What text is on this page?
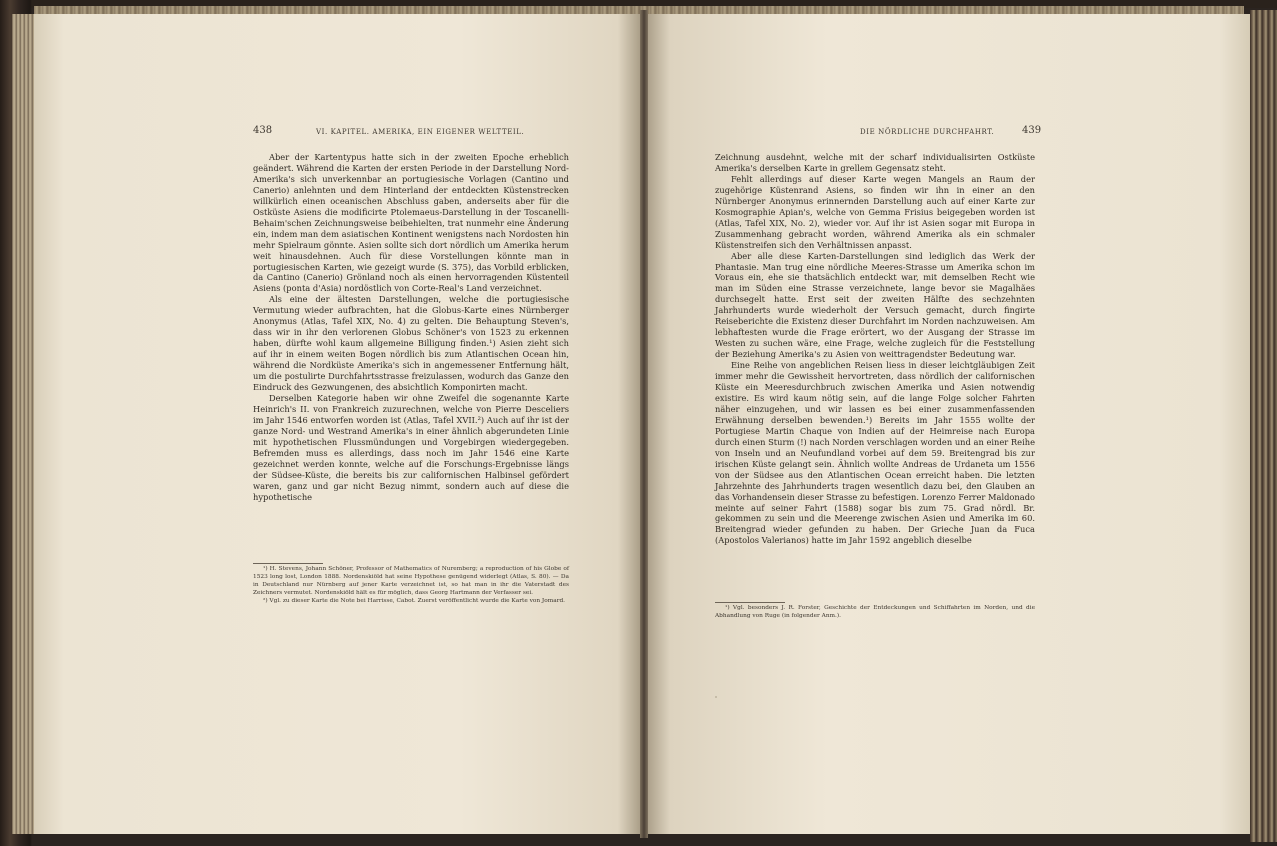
438	VI. KAPITEL. AMERIKA, EIN EIGENER WELTTEIL.

Aber der Kartentypus hatte sich in der zweiten Epoche erheblich geändert. Während die Karten der ersten Periode in der Darstellung Nord-Amerika's sich unverkennbar an portugiesische Vorlagen (Cantino und Canerio) anlehnten und dem Hinterland der entdeckten Küstenstrecken willkürlich einen oceanischen Abschluss gaben, anderseits aber für die Ostküste Asiens die modificirte Ptolemaeus-Darstellung in der Toscanelli-Behaim'schen Zeichnungsweise beibehielten, trat nunmehr eine Änderung ein, indem man dem asiatischen Kontinent wenigstens nach Nordosten hin mehr Spielraum gönnte. Asien sollte sich dort nördlich um Amerika herum weit hinausdehnen. Auch für diese Vorstellungen könnte man in portugiesischen Karten, wie gezeigt wurde (S. 375), das Vorbild erblicken, da Cantino (Canerio) Grönland noch als einen hervorragenden Küstenteil Asiens (ponta d'Asia) nordöstlich von Corte-Real's Land verzeichnet.

Als eine der ältesten Darstellungen, welche die portugiesische Vermutung wieder aufbrachten, hat die Globus-Karte eines Nürnberger Anonymus (Atlas, Tafel XIX, No. 4) zu gelten. Die Behauptung Steven's, dass wir in ihr den verlorenen Globus Schöner's von 1523 zu erkennen haben, dürfte wohl kaum allgemeine Billigung finden.¹) Asien zieht sich auf ihr in einem weiten Bogen nördlich bis zum Atlantischen Ocean hin, während die Nordküste Amerika's sich in angemessener Entfernung hält, um die postulirte Durchfahrtsstrasse freizulassen, wodurch das Ganze den Eindruck des Gezwungenen, des absichtlich Komponirten macht.

Derselben Kategorie haben wir ohne Zweifel die sogenannte Karte Heinrich's II. von Frankreich zuzurechnen, welche von Pierre Desceliers im Jahr 1546 entworfen worden ist (Atlas, Tafel XVII.²) Auch auf ihr ist der ganze Nord- und Westrand Amerika's in einer ähnlich abgerundeten Linie mit hypothetischen Flussmündungen und Vorgebirgen wiedergegeben. Befremden muss es allerdings, dass noch im Jahr 1546 eine Karte gezeichnet werden konnte, welche auf die Forschungs-Ergebnisse längs der Südsee-Küste, die bereits bis zur californischen Halbinsel gefördert waren, ganz und gar nicht Bezug nimmt, sondern auch auf diese die hypothetische

¹) H. Stevens, Johann Schöner, Professor of Mathematics of Nuremberg; a reproduction of his Globe of 1523 long lost, London 1888. Nordenskiöld hat seine Hypothese genügend widerlegt (Atlas, S. 80). — Da in Deutschland nur Nürnberg auf jener Karte verzeichnet ist, so hat man in ihr die Vaterstadt des Zeichners vermutet. Nordenskiöld hält es für möglich, dass Georg Hartmann der Verfasser sei.

²) Vgl. zu dieser Karte die Note bei Harrisse, Cabot. Zuerst veröffentlicht wurde die Karte von Jomard.

DIE NÖRDLICHE DURCHFAHRT.	439

Zeichnung ausdehnt, welche mit der scharf individualisirten Ostküste Amerika's derselben Karte in grellem Gegensatz steht.

Fehlt allerdings auf dieser Karte wegen Mangels an Raum der zugehörige Küstenrand Asiens, so finden wir ihn in einer an den Nürnberger Anonymus erinnernden Darstellung auch auf einer Karte zur Kosmographie Apian's, welche von Gemma Frisius beigegeben worden ist (Atlas, Tafel XIX, No. 2), wieder vor. Auf ihr ist Asien sogar mit Europa in Zusammenhang gebracht worden, während Amerika als ein schmaler Küstenstreifen sich den Verhältnissen anpasst.

Aber alle diese Karten-Darstellungen sind lediglich das Werk der Phantasie. Man trug eine nördliche Meeres-Strasse um Amerika schon im Voraus ein, ehe sie thatsächlich entdeckt war, mit demselben Recht wie man im Süden eine Strasse verzeichnete, lange bevor sie Magalhães durchsegelt hatte. Erst seit der zweiten Hälfte des sechzehnten Jahrhunderts wurde wiederholt der Versuch gemacht, durch fingirte Reiseberichte die Existenz dieser Durchfahrt im Norden nachzuweisen. Am lebhaftesten wurde die Frage erörtert, wo der Ausgang der Strasse im Westen zu suchen wäre, eine Frage, welche zugleich für die Feststellung der Beziehung Amerika's zu Asien von weittragendster Bedeutung war.

Eine Reihe von angeblichen Reisen liess in dieser leichtgläubigen Zeit immer mehr die Gewissheit hervortreten, dass nördlich der californischen Küste ein Meeresdurchbruch zwischen Amerika und Asien notwendig existire. Es wird kaum nötig sein, auf die lange Folge solcher Fahrten näher einzugehen, und wir lassen es bei einer zusammenfassenden Erwähnung derselben bewenden.¹) Bereits im Jahr 1555 wollte der Portugiese Martin Chaque von Indien auf der Heimreise nach Europa durch einen Sturm (!) nach Norden verschlagen worden und an einer Reihe von Inseln und an Neufundland vorbei auf dem 59. Breitengrad bis zur irischen Küste gelangt sein. Ähnlich wollte Andreas de Urdaneta um 1556 von der Südsee aus den Atlantischen Ocean erreicht haben. Die letzten Jahrzehnte des Jahrhunderts tragen wesentlich dazu bei, den Glauben an das Vorhandensein dieser Strasse zu befestigen. Lorenzo Ferrer Maldonado meinte auf seiner Fahrt (1588) sogar bis zum 75. Grad nördl. Br. gekommen zu sein und die Meerenge zwischen Asien und Amerika im 60. Breitengrad wieder gefunden zu haben. Der Grieche Juan da Fuca (Apostolos Valerianos) hatte im Jahr 1592 angeblich dieselbe

¹) Vgl. besonders J. R. Forster, Geschichte der Entdeckungen und Schiffahrten im Norden, und die Abhandlung von Ruge (in folgender Anm.).
